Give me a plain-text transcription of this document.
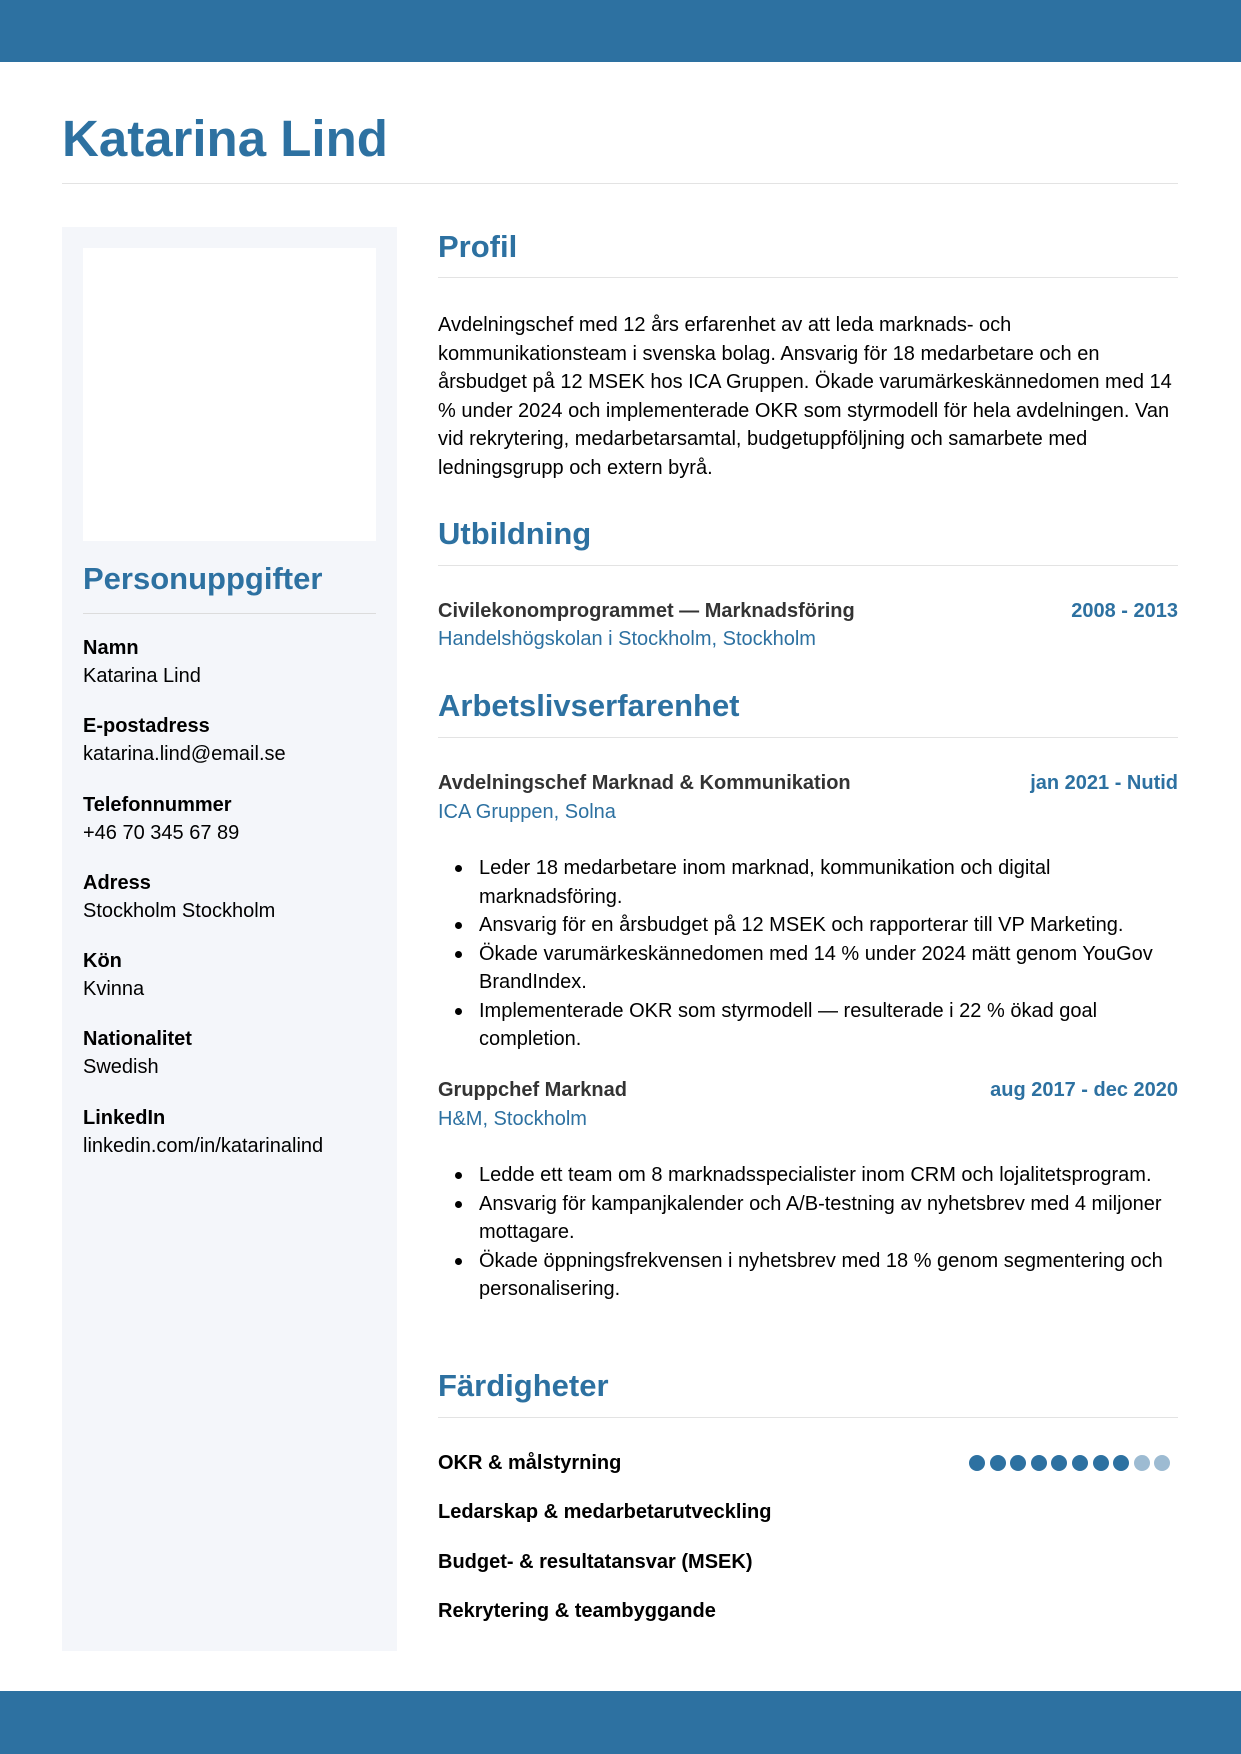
Katarina Lind
Personuppgifter
Namn
Katarina Lind
E-postadress
katarina.lind@email.se
Telefonnummer
+46 70 345 67 89
Adress
Stockholm Stockholm
Kön
Kvinna
Nationalitet
Swedish
LinkedIn
linkedin.com/in/katarinalind
Profil

Avdelningschef med 12 års erfarenhet av att leda marknads- och kommunikationsteam i svenska bolag. Ansvarig för 18 medarbetare och en årsbudget på 12 MSEK hos ICA Gruppen. Ökade varumärkeskännedomen med 14 % under 2024 och implementerade OKR som styrmodell för hela avdelningen. Van vid rekrytering, medarbetarsamtal, budgetuppföljning och samarbete med ledningsgrupp och extern byrå.

Utbildning
Civilekonomprogrammet — Marknadsföring	2008 - 2013
Handelshögskolan i Stockholm, Stockholm
Arbetslivserfarenhet
Avdelningschef Marknad & Kommunikation	jan 2021 - Nutid
ICA Gruppen, Solna
Leder 18 medarbetare inom marknad, kommunikation och digital marknadsföring.
Ansvarig för en årsbudget på 12 MSEK och rapporterar till VP Marketing.
Ökade varumärkeskännedomen med 14 % under 2024 mätt genom YouGov BrandIndex.
Implementerade OKR som styrmodell — resulterade i 22 % ökad goal completion.
Gruppchef Marknad	aug 2017 - dec 2020
H&M, Stockholm
Ledde ett team om 8 marknadsspecialister inom CRM och lojalitetsprogram.
Ansvarig för kampanjkalender och A/B-testning av nyhetsbrev med 4 miljoner mottagare.
Ökade öppningsfrekvensen i nyhetsbrev med 18 % genom segmentering och personalisering.
Färdigheter
OKR & målstyrning
Ledarskap & medarbetarutveckling
Budget- & resultatansvar (MSEK)
Rekrytering & teambyggande
